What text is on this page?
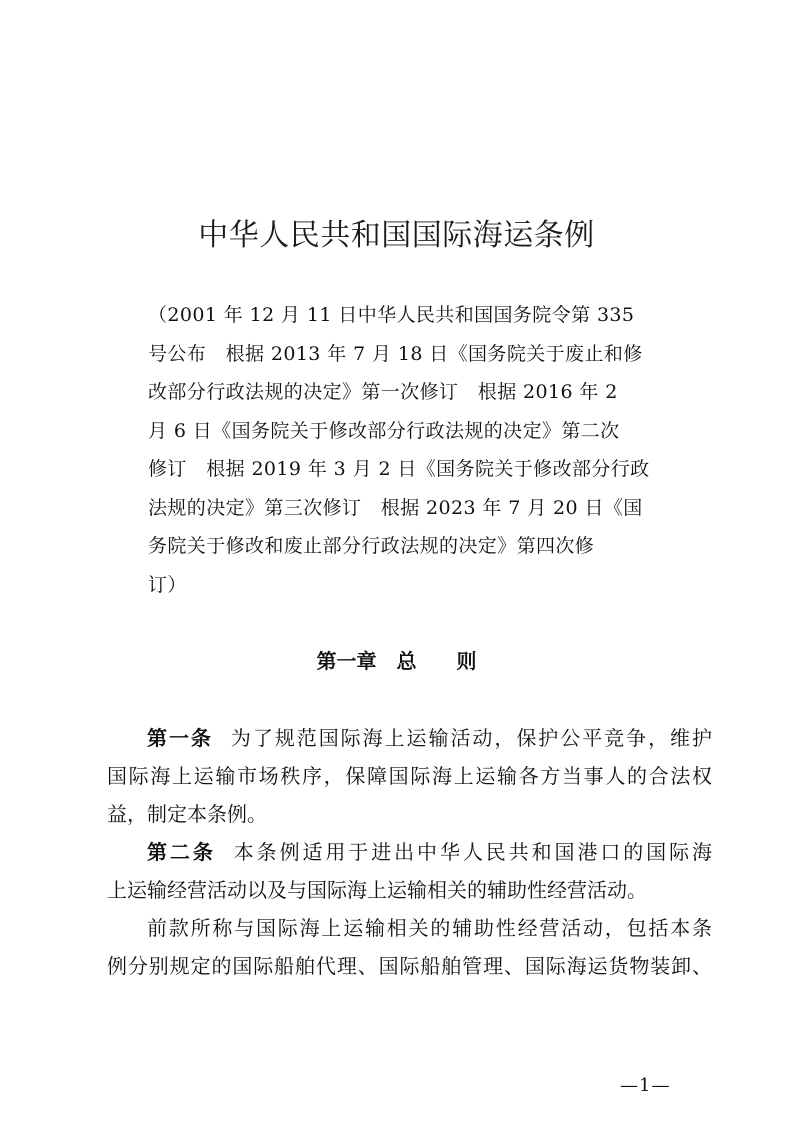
中华人民共和国国际海运条例
（2001 年 12 月 11 日中华人民共和国国务院令第 335
号公布　根据 2013 年 7 月 18 日《国务院关于废止和修
改部分行政法规的决定》第一次修订　根据 2016 年 2
月 6 日《国务院关于修改部分行政法规的决定》第二次
修订　根据 2019 年 3 月 2 日《国务院关于修改部分行政
法规的决定》第三次修订　根据 2023 年 7 月 20 日《国
务院关于修改和废止部分行政法规的决定》第四次修
订）
第一章　总　　则
第一条 为了规范国际海上运输活动，保护公平竞争，维护
国际海上运输市场秩序，保障国际海上运输各方当事人的合法权
益，制定本条例。
第二条 本条例适用于进出中华人民共和国港口的国际海
上运输经营活动以及与国际海上运输相关的辅助性经营活动。
前款所称与国际海上运输相关的辅助性经营活动，包括本条
例分别规定的国际船舶代理、国际船舶管理、国际海运货物装卸、
—1—
